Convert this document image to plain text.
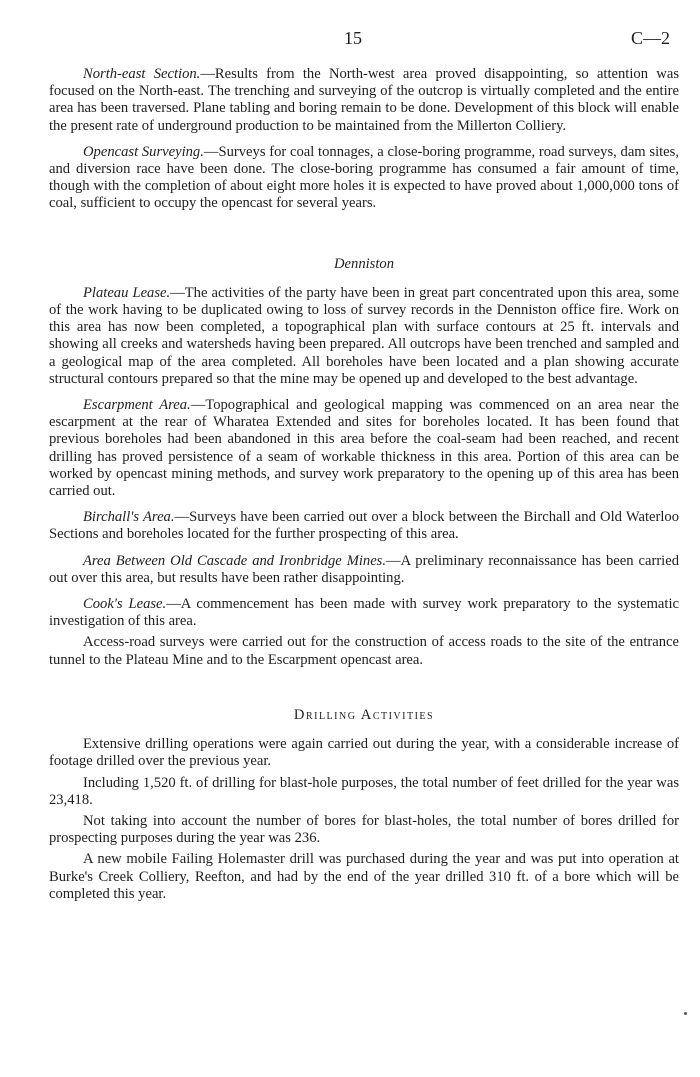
15	C—2

North-east Section.—Results from the North-west area proved disappointing, so attention was focused on the North-east. The trenching and surveying of the outcrop is virtually completed and the entire area has been traversed. Plane tabling and boring remain to be done. Development of this block will enable the present rate of underground production to be maintained from the Millerton Colliery.

Opencast Surveying.—Surveys for coal tonnages, a close-boring programme, road surveys, dam sites, and diversion race have been done. The close-boring programme has consumed a fair amount of time, though with the completion of about eight more holes it is expected to have proved about 1,000,000 tons of coal, sufficient to occupy the opencast for several years.

Denniston

Plateau Lease.—The activities of the party have been in great part concentrated upon this area, some of the work having to be duplicated owing to loss of survey records in the Denniston office fire. Work on this area has now been completed, a topographical plan with surface contours at 25 ft. intervals and showing all creeks and watersheds having been prepared. All outcrops have been trenched and sampled and a geological map of the area completed. All boreholes have been located and a plan showing accurate structural contours prepared so that the mine may be opened up and developed to the best advantage.

Escarpment Area.—Topographical and geological mapping was commenced on an area near the escarpment at the rear of Wharatea Extended and sites for boreholes located. It has been found that previous boreholes had been abandoned in this area before the coal-seam had been reached, and recent drilling has proved persistence of a seam of workable thickness in this area. Portion of this area can be worked by opencast mining methods, and survey work preparatory to the opening up of this area has been carried out.

Birchall's Area.—Surveys have been carried out over a block between the Birchall and Old Waterloo Sections and boreholes located for the further prospecting of this area.

Area Between Old Cascade and Ironbridge Mines.—A preliminary reconnaissance has been carried out over this area, but results have been rather disappointing.

Cook's Lease.—A commencement has been made with survey work preparatory to the systematic investigation of this area.

Access-road surveys were carried out for the construction of access roads to the site of the entrance tunnel to the Plateau Mine and to the Escarpment opencast area.

Drilling Activities

Extensive drilling operations were again carried out during the year, with a considerable increase of footage drilled over the previous year.

Including 1,520 ft. of drilling for blast-hole purposes, the total number of feet drilled for the year was 23,418.

Not taking into account the number of bores for blast-holes, the total number of bores drilled for prospecting purposes during the year was 236.

A new mobile Failing Holemaster drill was purchased during the year and was put into operation at Burke's Creek Colliery, Reefton, and had by the end of the year drilled 310 ft. of a bore which will be completed this year.
